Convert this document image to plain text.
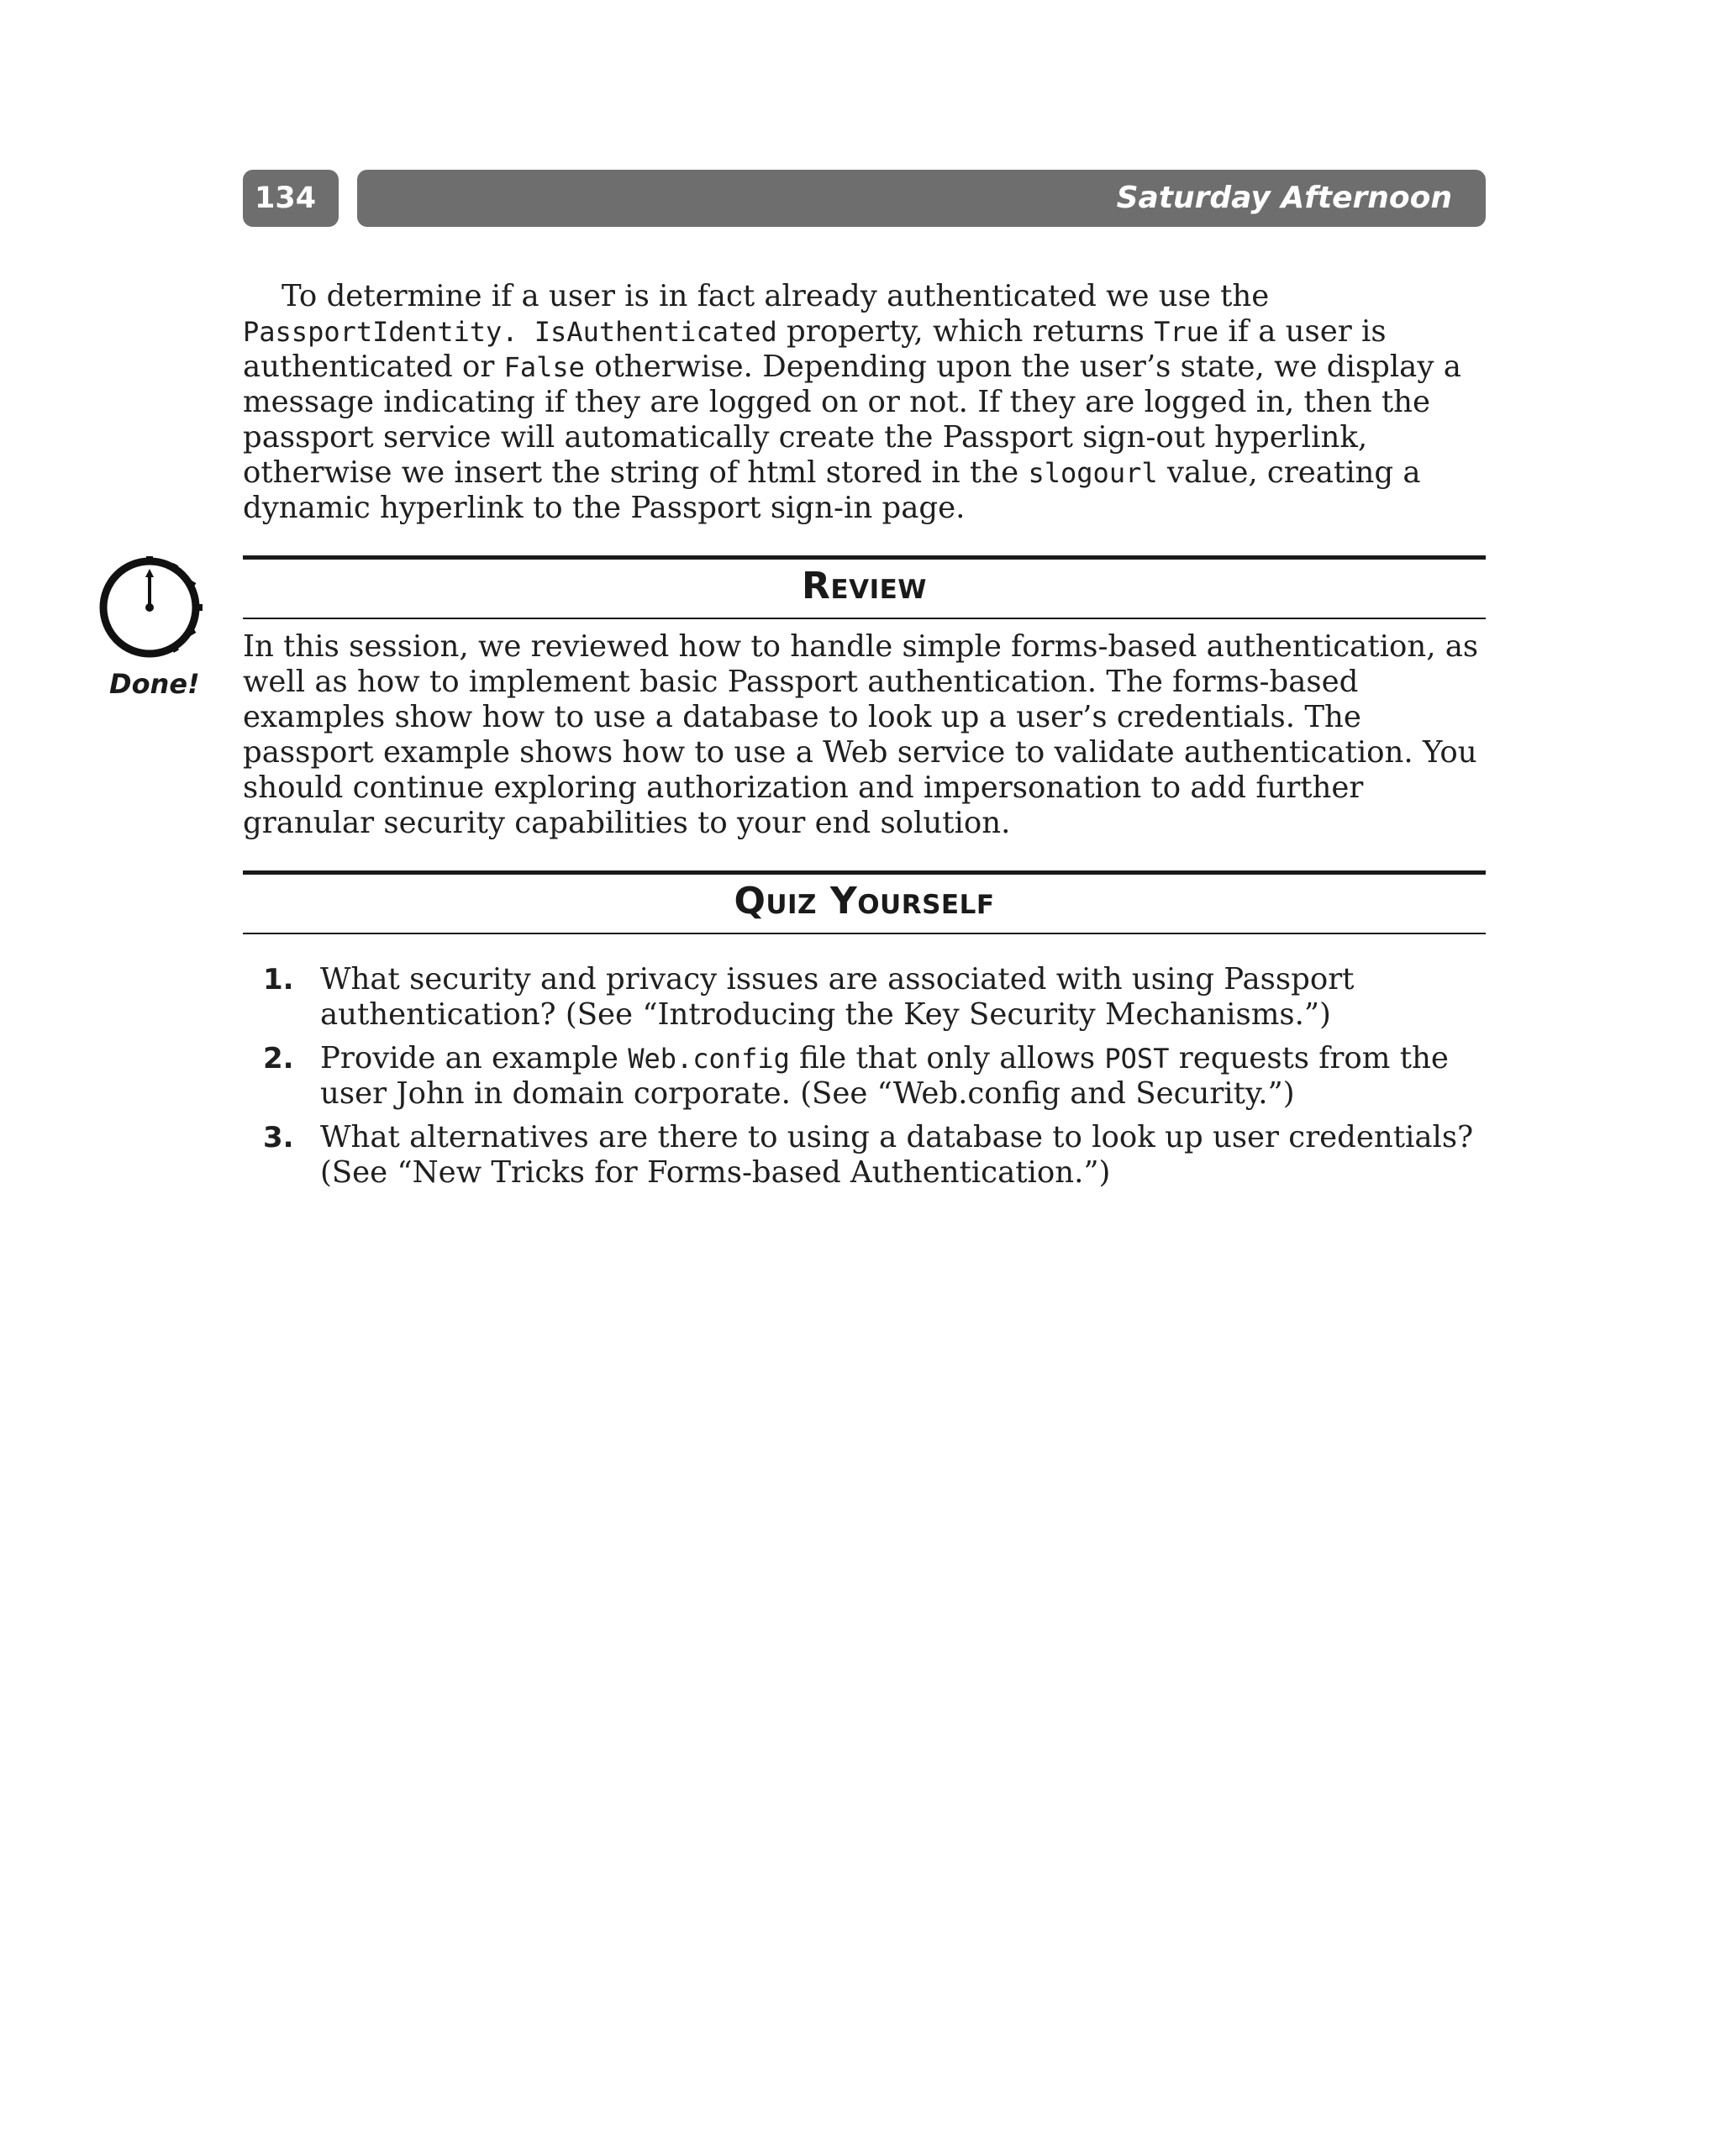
134	Saturday Afternoon

To determine if a user is in fact already authenticated we use the PassportIdentity. IsAuthenticated property, which returns True if a user is authenticated or False otherwise. Depending upon the user’s state, we display a message indicating if they are logged on or not. If they are logged in, then the passport service will automatically create the Passport sign-out hyperlink, otherwise we insert the string of html stored in the slogourl value, creating a dynamic hyperlink to the Passport sign-in page.

Review
Done!

In this session, we reviewed how to handle simple forms-based authentication, as well as how to implement basic Passport authentication. The forms-based examples show how to use a database to look up a user’s credentials. The passport example shows how to use a Web service to validate authentication. You should continue exploring authorization and impersonation to add further granular security capabilities to your end solution.

Quiz Yourself
1. What security and privacy issues are associated with using Passport authentication? (See “Introducing the Key Security Mechanisms.”)
2. Provide an example Web.config file that only allows POST requests from the user John in domain corporate. (See “Web.config and Security.”)
3. What alternatives are there to using a database to look up user credentials? (See “New Tricks for Forms-based Authentication.”)
